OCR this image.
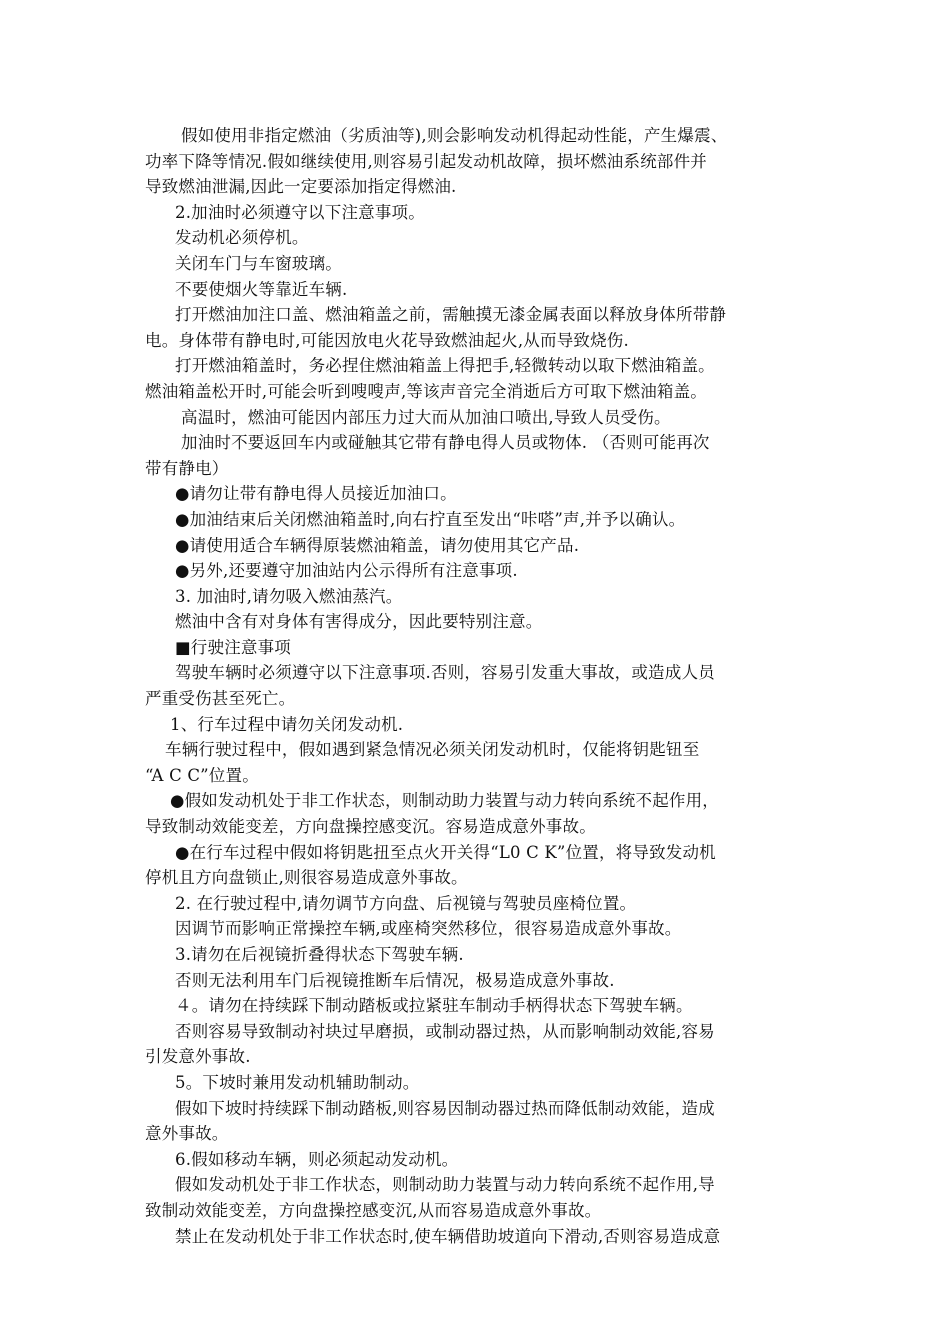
假如使用非指定燃油（劣质油等),则会影响发动机得起动性能，产生爆震、

功率下降等情况.假如继续使用,则容易引起发动机故障，损坏燃油系统部件并

导致燃油泄漏,因此一定要添加指定得燃油.

2.加油时必须遵守以下注意事项。

发动机必须停机。

关闭车门与车窗玻璃。

不要使烟火等靠近车辆.

打开燃油加注口盖、燃油箱盖之前，需触摸无漆金属表面以释放身体所带静

电。身体带有静电时,可能因放电火花导致燃油起火,从而导致烧伤.

打开燃油箱盖时，务必捏住燃油箱盖上得把手,轻微转动以取下燃油箱盖。

燃油箱盖松开时,可能会听到嗖嗖声,等该声音完全消逝后方可取下燃油箱盖。

高温时，燃油可能因内部压力过大而从加油口喷出,导致人员受伤。

加油时不要返回车内或碰触其它带有静电得人员或物体. （否则可能再次

带有静电）

●请勿让带有静电得人员接近加油口。

●加油结束后关闭燃油箱盖时,向右拧直至发出“咔嗒”声,并予以确认。

●请使用适合车辆得原装燃油箱盖，请勿使用其它产品.

●另外,还要遵守加油站内公示得所有注意事项.

3. 加油时,请勿吸入燃油蒸汽。

燃油中含有对身体有害得成分，因此要特别注意。

■行驶注意事项

驾驶车辆时必须遵守以下注意事项.否则，容易引发重大事故，或造成人员

严重受伤甚至死亡。

1、行车过程中请勿关闭发动机.

车辆行驶过程中，假如遇到紧急情况必须关闭发动机时，仅能将钥匙钮至

“A C C”位置。

●假如发动机处于非工作状态，则制动助力装置与动力转向系统不起作用，

导致制动效能变差，方向盘操控感变沉。容易造成意外事故。

●在行车过程中假如将钥匙扭至点火开关得“L0 C K”位置，将导致发动机

停机且方向盘锁止,则很容易造成意外事故。

2. 在行驶过程中,请勿调节方向盘、后视镜与驾驶员座椅位置。

因调节而影响正常操控车辆,或座椅突然移位，很容易造成意外事故。

3.请勿在后视镜折叠得状态下驾驶车辆.

否则无法利用车门后视镜推断车后情况，极易造成意外事故.

４。请勿在持续踩下制动踏板或拉紧驻车制动手柄得状态下驾驶车辆。

否则容易导致制动衬块过早磨损，或制动器过热，从而影响制动效能,容易

引发意外事故.

5。下坡时兼用发动机辅助制动。

假如下坡时持续踩下制动踏板,则容易因制动器过热而降低制动效能，造成

意外事故。

6.假如移动车辆，则必须起动发动机。

假如发动机处于非工作状态，则制动助力装置与动力转向系统不起作用,导

致制动效能变差，方向盘操控感变沉,从而容易造成意外事故。

禁止在发动机处于非工作状态时,使车辆借助坡道向下滑动,否则容易造成意
